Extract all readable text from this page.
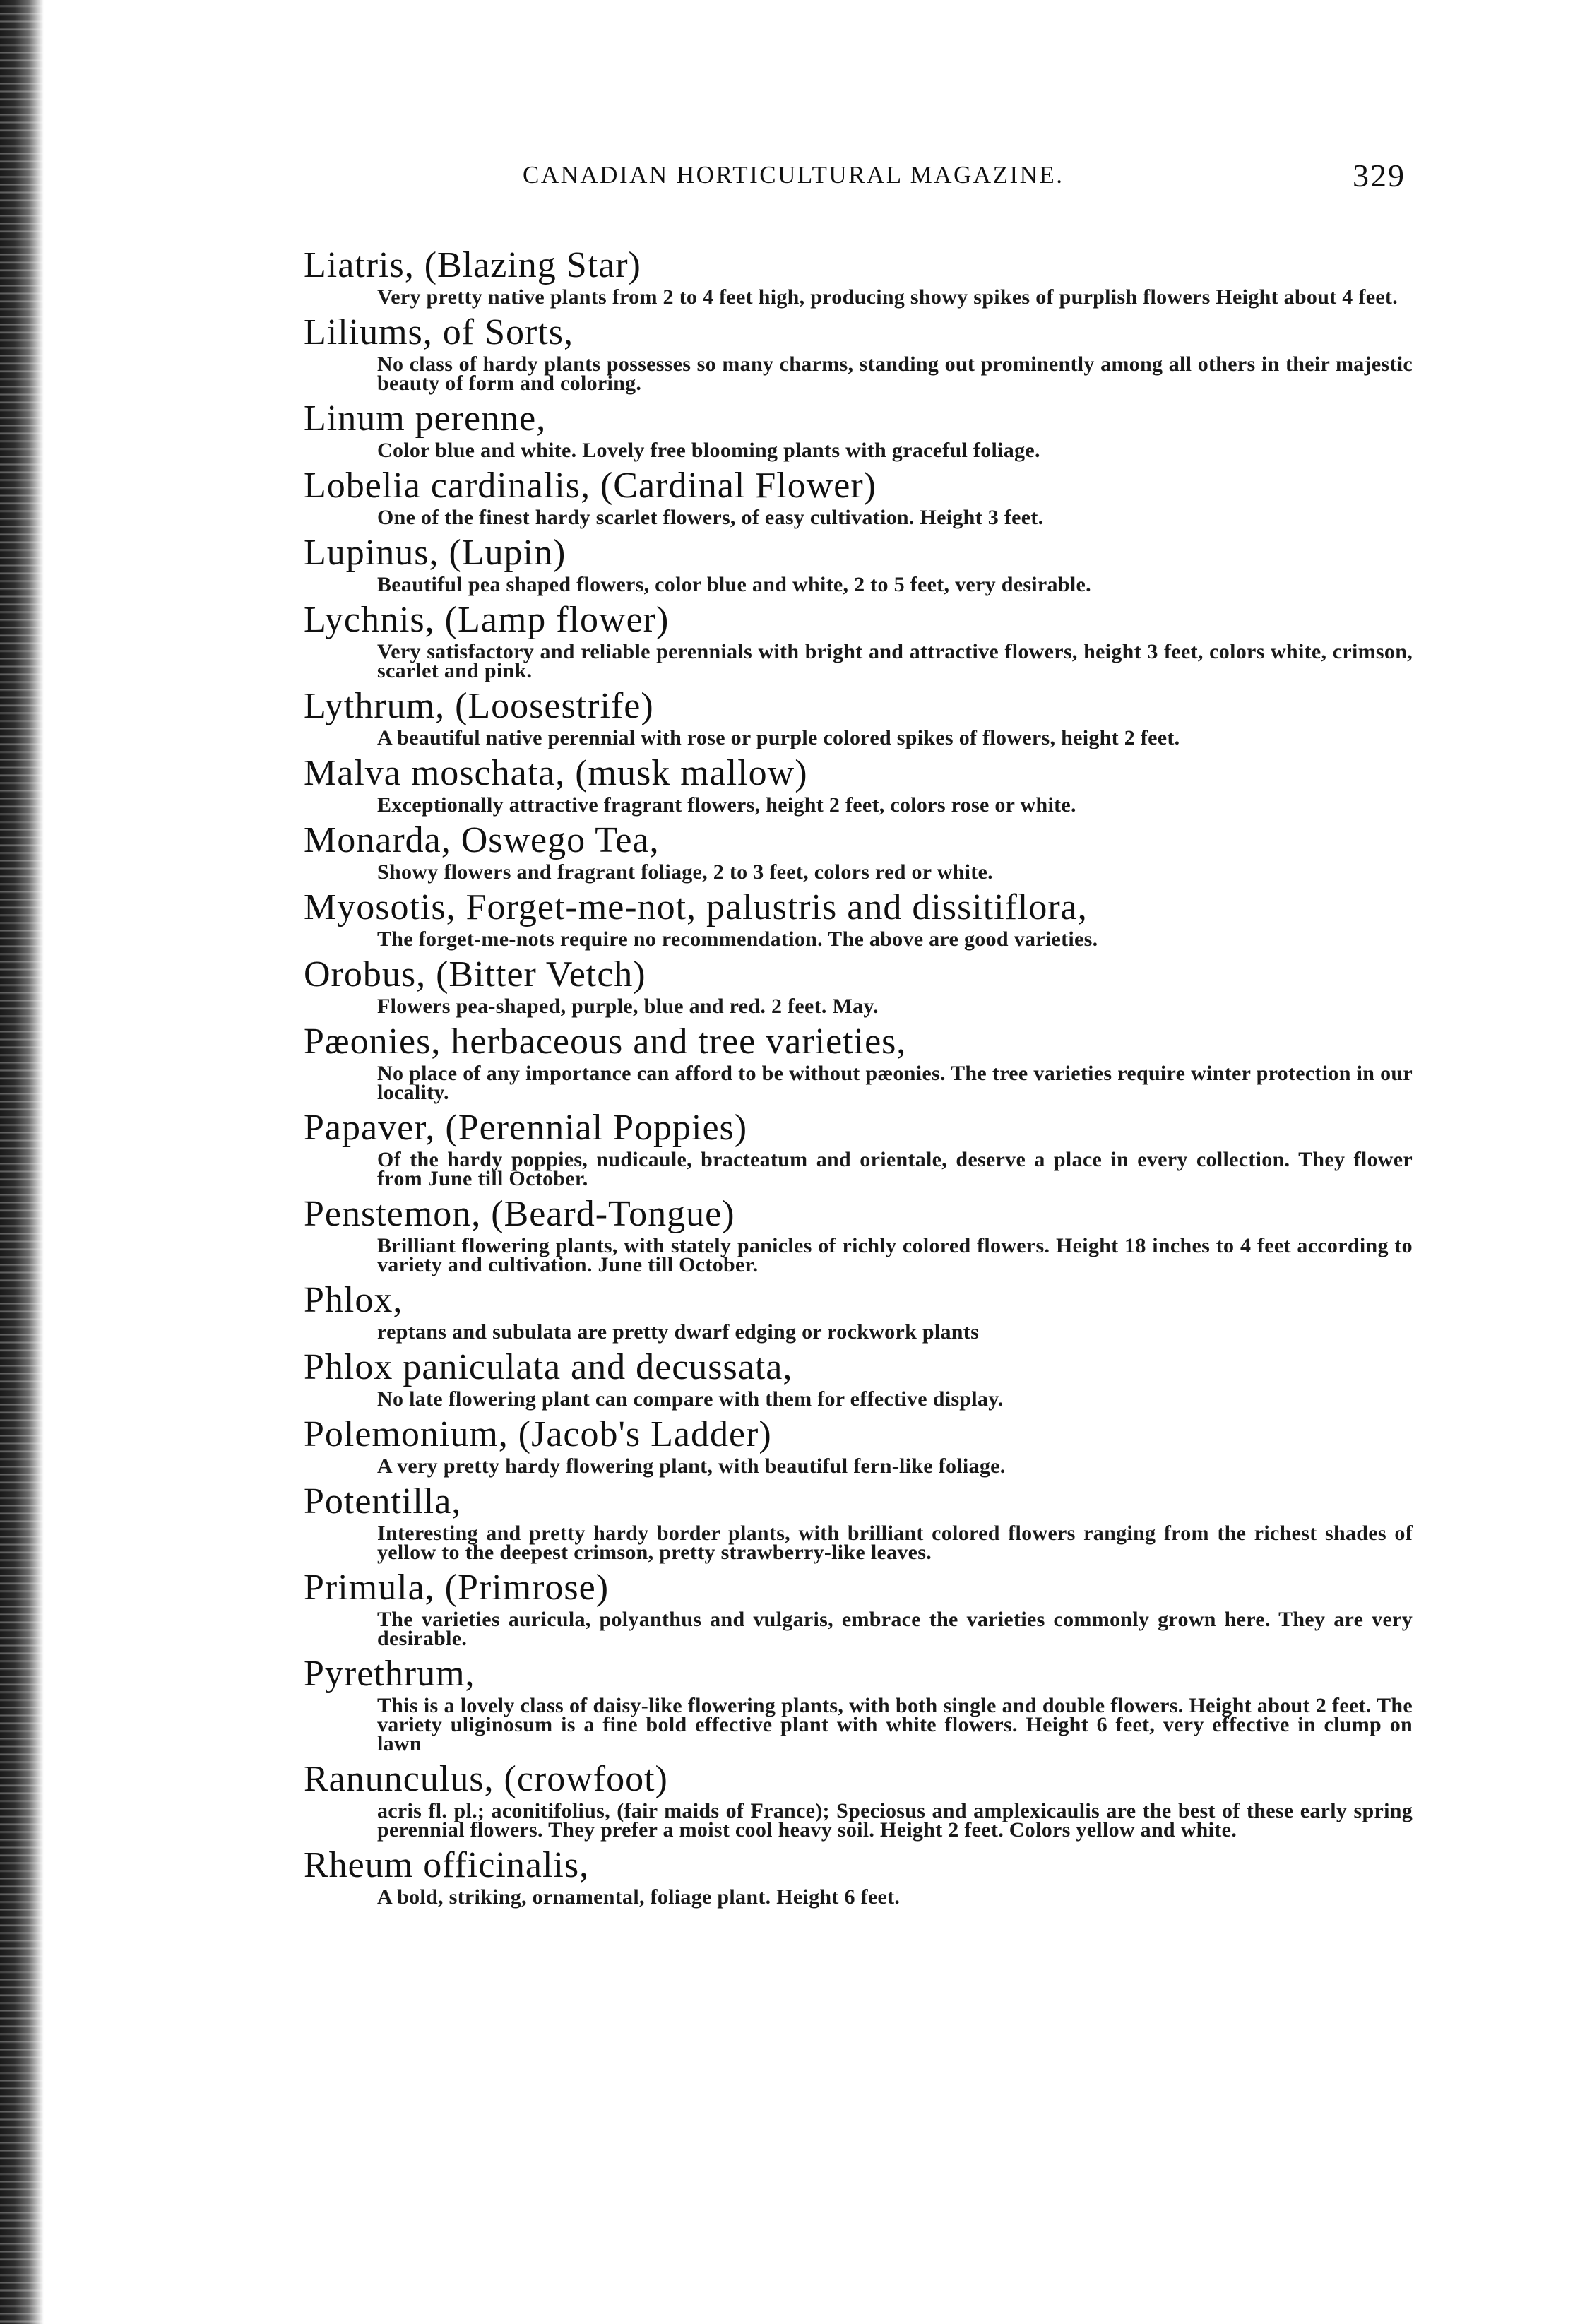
CANADIAN HORTICULTURAL MAGAZINE.	329
Liatris, (Blazing Star)
Very pretty native plants from 2 to 4 feet high, producing showy spikes of purplish flowers Height about 4 feet.
Liliums, of Sorts,
No class of hardy plants possesses so many charms, standing out prominently among all others in their majestic beauty of form and coloring.
Linum perenne,
Color blue and white. Lovely free blooming plants with graceful foliage.
Lobelia cardinalis, (Cardinal Flower)
One of the finest hardy scarlet flowers, of easy cultivation. Height 3 feet.
Lupinus, (Lupin)
Beautiful pea shaped flowers, color blue and white, 2 to 5 feet, very desirable.
Lychnis, (Lamp flower)
Very satisfactory and reliable perennials with bright and attractive flowers, height 3 feet, colors white, crimson, scarlet and pink.
Lythrum, (Loosestrife)
A beautiful native perennial with rose or purple colored spikes of flowers, height 2 feet.
Malva moschata, (musk mallow)
Exceptionally attractive fragrant flowers, height 2 feet, colors rose or white.
Monarda, Oswego Tea,
Showy flowers and fragrant foliage, 2 to 3 feet, colors red or white.
Myosotis, Forget-me-not, palustris and dissitiflora,
The forget-me-nots require no recommendation. The above are good varieties.
Orobus, (Bitter Vetch)
Flowers pea-shaped, purple, blue and red. 2 feet. May.
Pæonies, herbaceous and tree varieties,
No place of any importance can afford to be without pæonies. The tree varieties require winter protection in our locality.
Papaver, (Perennial Poppies)
Of the hardy poppies, nudicaule, bracteatum and orientale, deserve a place in every collection. They flower from June till October.
Penstemon, (Beard-Tongue)
Brilliant flowering plants, with stately panicles of richly colored flowers. Height 18 inches to 4 feet according to variety and cultivation. June till October.
Phlox,
reptans and subulata are pretty dwarf edging or rockwork plants
Phlox paniculata and decussata,
No late flowering plant can compare with them for effective display.
Polemonium, (Jacob's Ladder)
A very pretty hardy flowering plant, with beautiful fern-like foliage.
Potentilla,
Interesting and pretty hardy border plants, with brilliant colored flowers ranging from the richest shades of yellow to the deepest crimson, pretty strawberry-like leaves.
Primula, (Primrose)
The varieties auricula, polyanthus and vulgaris, embrace the varieties commonly grown here. They are very desirable.
Pyrethrum,
This is a lovely class of daisy-like flowering plants, with both single and double flowers. Height about 2 feet. The variety uliginosum is a fine bold effective plant with white flowers. Height 6 feet, very effective in clump on lawn
Ranunculus, (crowfoot)
acris fl. pl.; aconitifolius, (fair maids of France); Speciosus and amplexicaulis are the best of these early spring perennial flowers. They prefer a moist cool heavy soil. Height 2 feet. Colors yellow and white.
Rheum officinalis,
A bold, striking, ornamental, foliage plant. Height 6 feet.
